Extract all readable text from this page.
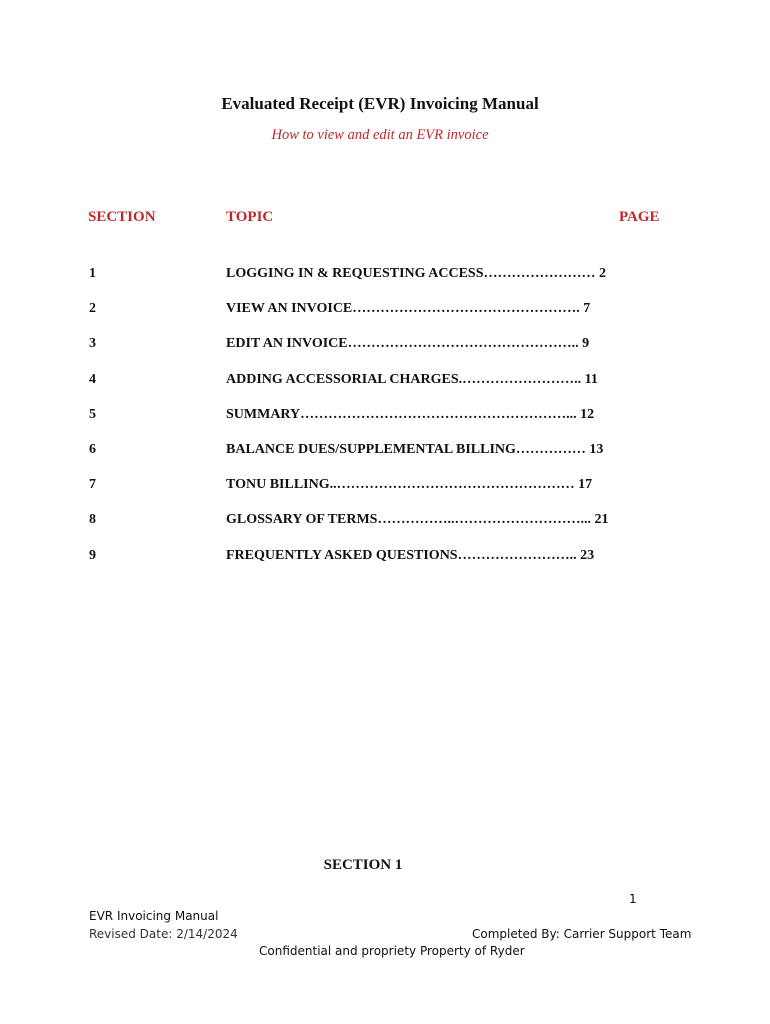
Evaluated Receipt (EVR) Invoicing Manual
How to view and edit an EVR invoice
SECTION	TOPIC	PAGE
1	LOGGING IN & REQUESTING ACCESS…………………… 2
2	VIEW AN INVOICE…………………………………………. 7
3	EDIT AN INVOICE………………………………………….. 9
4	ADDING ACCESSORIAL CHARGES.…………………….. 11
5	SUMMARY…………………………………………………... 12
6	BALANCE DUES/SUPPLEMENTAL BILLING…………… 13
7	TONU BILLING..…………………………………………… 17
8	GLOSSARY OF TERMS……………..………………………... 21
9	FREQUENTLY ASKED QUESTIONS…………………….. 23
SECTION 1
1
EVR Invoicing Manual
Revised Date: 2/14/2024	Completed By: Carrier Support Team
Confidential and propriety Property of Ryder
